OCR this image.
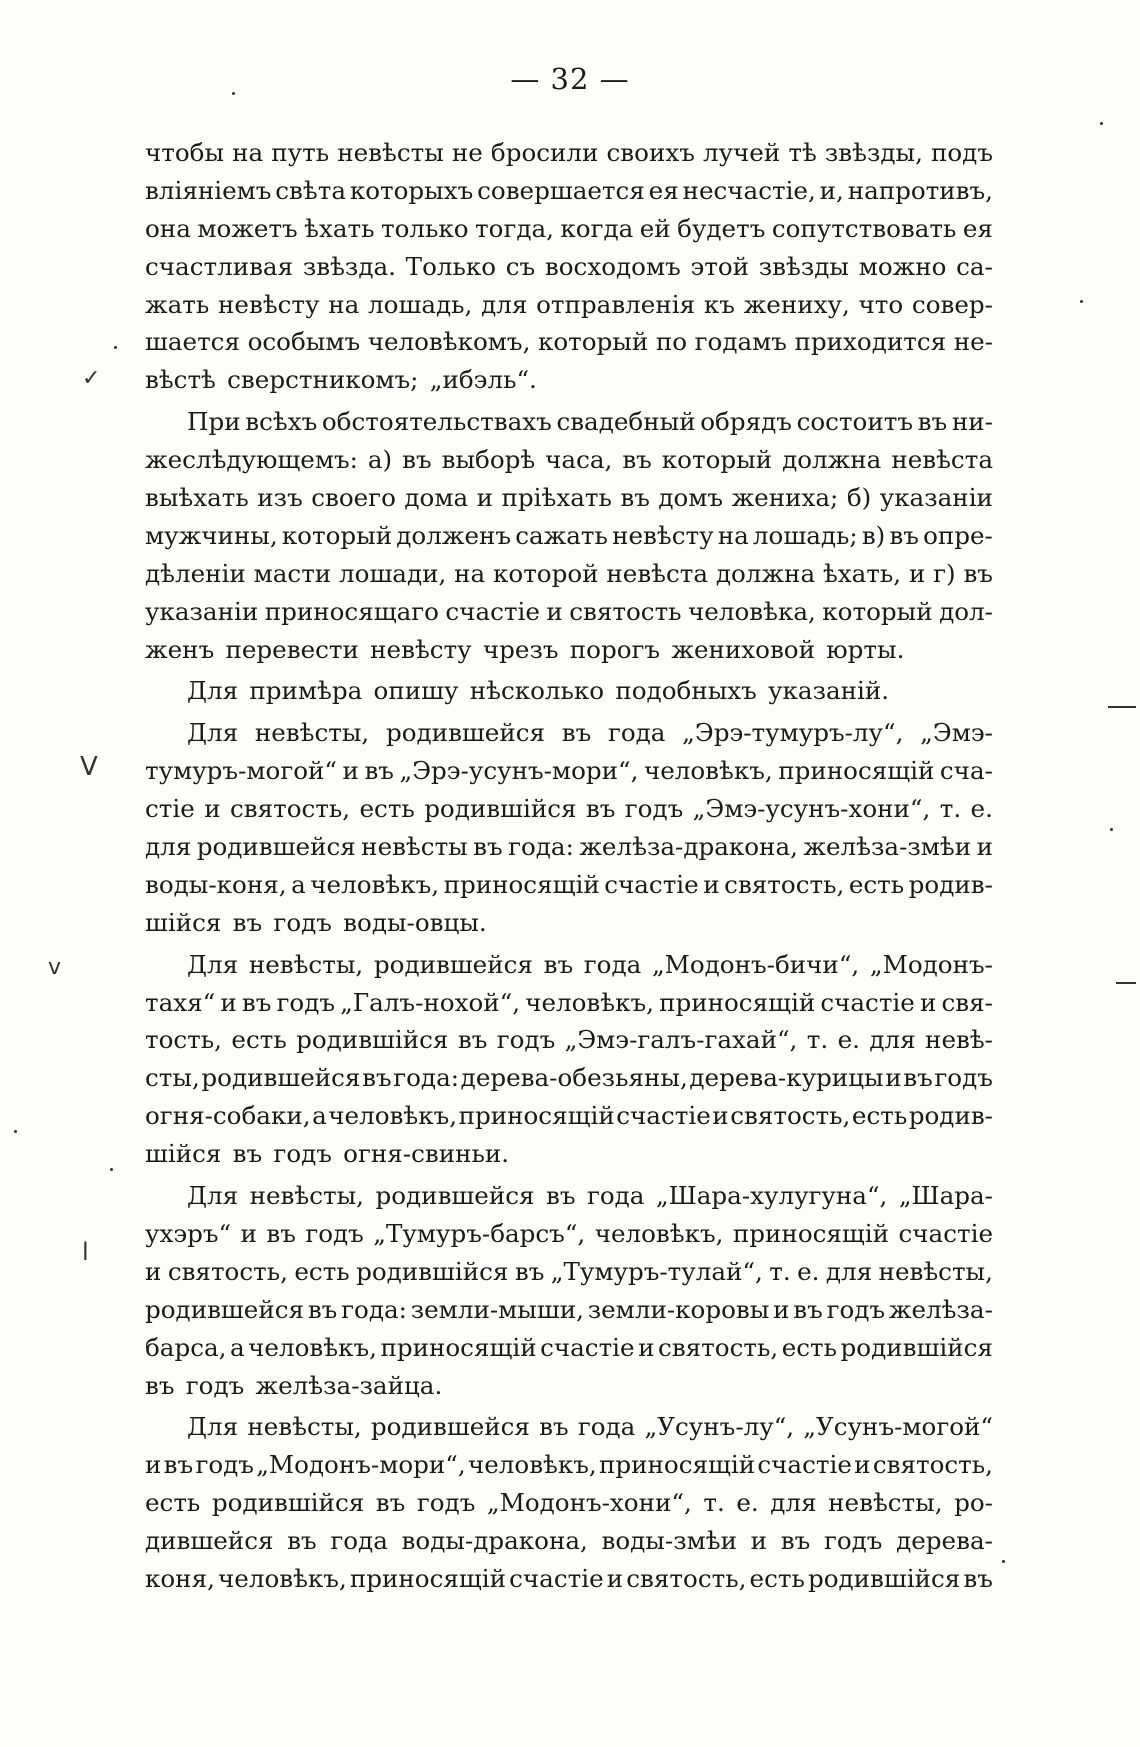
— 32 —
чтобы на путь невѣсты не бросили своихъ лучей тѣ звѣзды, подъ
вліяніемъ свѣта которыхъ совершается ея несчастіе, и, напротивъ,
она можетъ ѣхать только тогда, когда ей будетъ сопутствовать ея
счастливая звѣзда. Только съ восходомъ этой звѣзды можно са-
жать невѣсту на лошадь, для отправленія къ жениху, что совер-
шается особымъ человѣкомъ, который по годамъ приходится не-
вѣстѣ сверстникомъ; „ибэль“.
При всѣхъ обстоятельствахъ свадебный обрядъ состоитъ въ ни-
жеслѣдующемъ: а) въ выборѣ часа, въ который должна невѣста
выѣхать изъ своего дома и пріѣхать въ домъ жениха; б) указаніи
мужчины, который долженъ сажать невѣсту на лошадь; в) въ опре-
дѣленіи масти лошади, на которой невѣста должна ѣхать, и г) въ
указаніи приносящаго счастіе и святость человѣка, который дол-
женъ перевести невѣсту чрезъ порогъ жениховой юрты.
Для примѣра опишу нѣсколько подобныхъ указаній.
Для невѣсты, родившейся въ года „Эрэ-тумуръ-лу“, „Эмэ-
тумуръ-могой“ и въ „Эрэ-усунъ-мори“, человѣкъ, приносящій сча-
стіе и святость, есть родившійся въ годъ „Эмэ-усунъ-хони“, т. е.
для родившейся невѣсты въ года: желѣза-дракона, желѣза-змѣи и
воды-коня, а человѣкъ, приносящій счастіе и святость, есть родив-
шійся въ годъ воды-овцы.
Для невѣсты, родившейся въ года „Модонъ-бичи“, „Модонъ-
тахя“ и въ годъ „Галъ-нохой“, человѣкъ, приносящій счастіе и свя-
тость, есть родившійся въ годъ „Эмэ-галъ-гахай“, т. е. для невѣ-
сты, родившейся въ года: дерева-обезьяны, дерева-курицы и въ годъ
огня-собаки, а человѣкъ, приносящій счастіе и святость, есть родив-
шійся въ годъ огня-свиньи.
Для невѣсты, родившейся въ года „Шара-хулугуна“, „Шара-
ухэръ“ и въ годъ „Тумуръ-барсъ“, человѣкъ, приносящій счастіе
и святость, есть родившійся въ „Тумуръ-тулай“, т. е. для невѣсты,
родившейся въ года: земли-мыши, земли-коровы и въ годъ желѣза-
барса, а человѣкъ, приносящій счастіе и святость, есть родившійся
въ годъ желѣза-зайца.
Для невѣсты, родившейся въ года „Усунъ-лу“, „Усунъ-могой“
и въ годъ „Модонъ-мори“, человѣкъ, приносящій счастіе и святость,
есть родившійся въ годъ „Модонъ-хони“, т. е. для невѣсты, ро-
дившейся въ года воды-дракона, воды-змѣи и въ годъ дерева-
коня, человѣкъ, приносящій счастіе и святость, есть родившійся въ
✓
V
v
l
